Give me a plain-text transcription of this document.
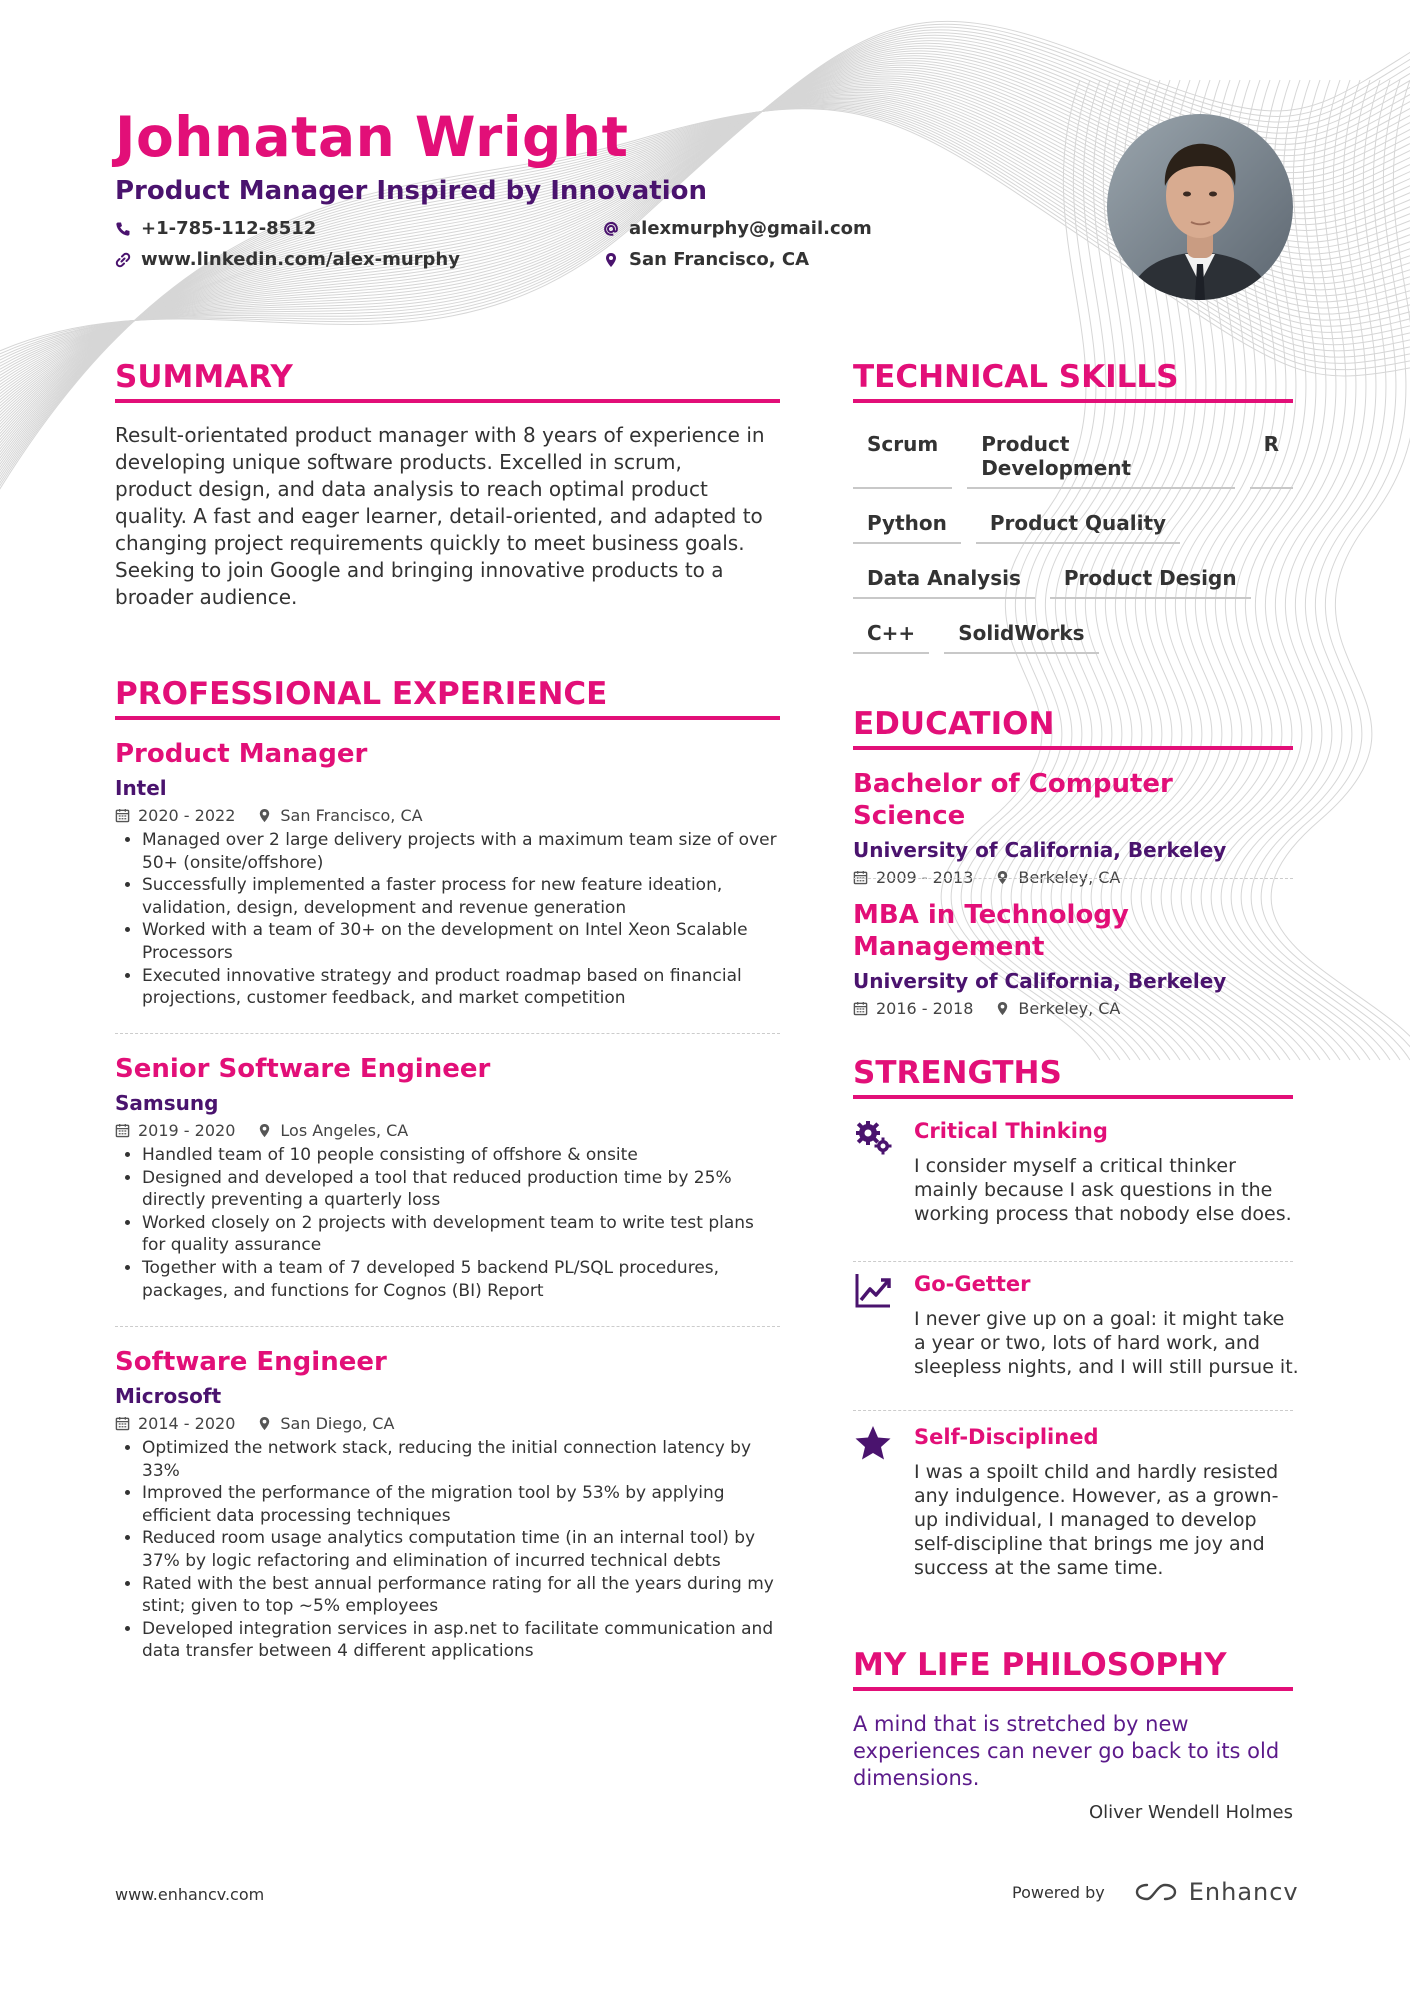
Johnatan Wright
Product Manager Inspired by Innovation
+1-785-112-8512	alexmurphy@gmail.com
www.linkedin.com/alex-murphy	San Francisco, CA
SUMMARY

Result-orientated product manager with 8 years of experience in developing unique software products. Excelled in scrum, product design, and data analysis to reach optimal product quality. A fast and eager learner, detail-oriented, and adapted to changing project requirements quickly to meet business goals. Seeking to join Google and bringing innovative products to a broader audience.

PROFESSIONAL EXPERIENCE
Product Manager
Intel
2020 - 2022	San Francisco, CA
• Managed over 2 large delivery projects with a maximum team size of over 50+ (onsite/offshore)
• Successfully implemented a faster process for new feature ideation, validation, design, development and revenue generation
• Worked with a team of 30+ on the development on Intel Xeon Scalable Processors
• Executed innovative strategy and product roadmap based on financial projections, customer feedback, and market competition
Senior Software Engineer
Samsung
2019 - 2020	Los Angeles, CA
• Handled team of 10 people consisting of offshore & onsite
• Designed and developed a tool that reduced production time by 25% directly preventing a quarterly loss
• Worked closely on 2 projects with development team to write test plans for quality assurance
• Together with a team of 7 developed 5 backend PL/SQL procedures, packages, and functions for Cognos (BI) Report
Software Engineer
Microsoft
2014 - 2020	San Diego, CA
• Optimized the network stack, reducing the initial connection latency by 33%
• Improved the performance of the migration tool by 53% by applying efficient data processing techniques
• Reduced room usage analytics computation time (in an internal tool) by 37% by logic refactoring and elimination of incurred technical debts
• Rated with the best annual performance rating for all the years during my stint; given to top ~5% employees
• Developed integration services in asp.net to facilitate communication and data transfer between 4 different applications
TECHNICAL SKILLS
Scrum	Product Development
R
Python	Product Quality
Data Analysis	Product Design
C++	SolidWorks
EDUCATION
Bachelor of Computer Science
University of California, Berkeley
2009 - 2013	Berkeley, CA
MBA in Technology Management
University of California, Berkeley
2016 - 2018	Berkeley, CA
STRENGTHS
Critical Thinking

I consider myself a critical thinker mainly because I ask questions in the working process that nobody else does.

Go-Getter

I never give up on a goal: it might take a year or two, lots of hard work, and sleepless nights, and I will still pursue it.

Self-Disciplined

I was a spoilt child and hardly resisted any indulgence. However, as a grown-up individual, I managed to develop self-discipline that brings me joy and success at the same time.

MY LIFE PHILOSOPHY

A mind that is stretched by new experiences can never go back to its old dimensions.

Oliver Wendell Holmes

www.enhancv.com	Powered by	Enhancv
